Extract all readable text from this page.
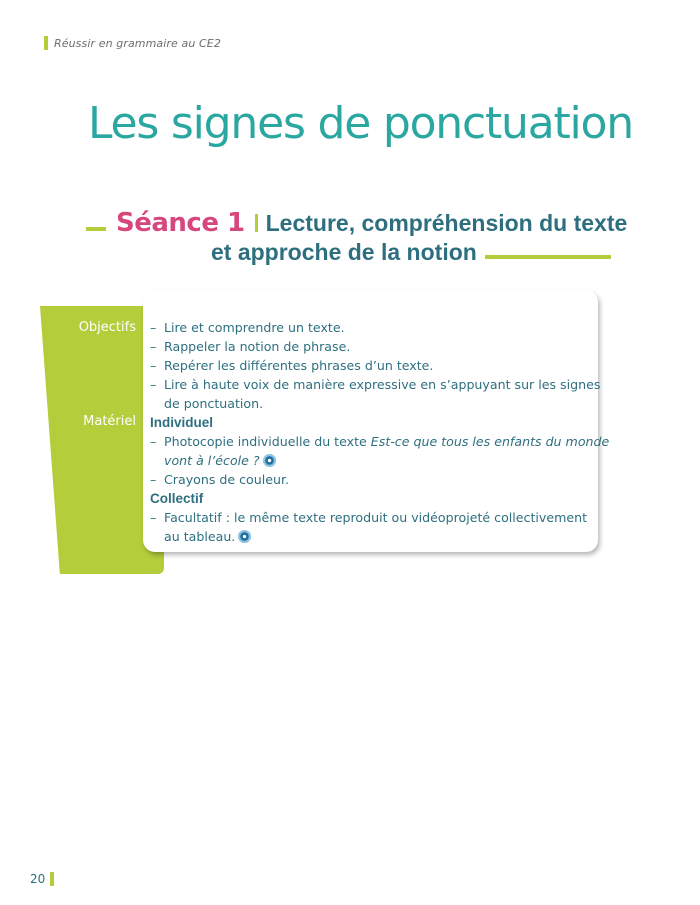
Réussir en grammaire au CE2
Les signes de ponctuation
Séance 1 Lecture, compréhension du texte
et approche de la notion
Objectifs
Matériel
– Lire et comprendre un texte.
– Rappeler la notion de phrase.
– Repérer les différentes phrases d’un texte.
– Lire à haute voix de manière expressive en s’appuyant sur les signes
de ponctuation.
Individuel
– Photocopie individuelle du texte Est-ce que tous les enfants du monde
vont à l’école ?
– Crayons de couleur.
Collectif
– Facultatif : le même texte reproduit ou vidéoprojeté collectivement
au tableau.
20
